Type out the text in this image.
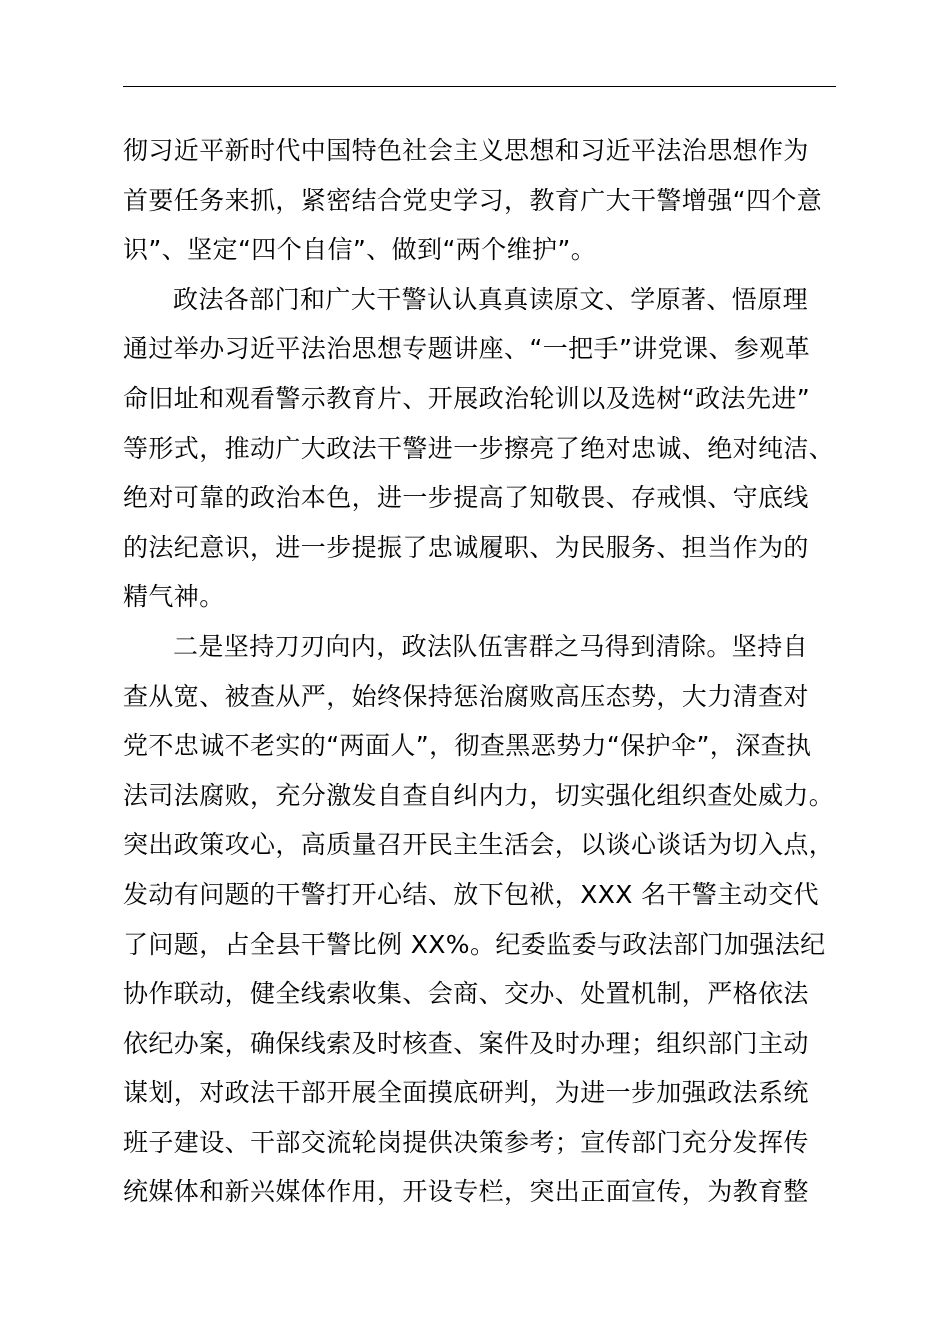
彻习近平新时代中国特色社会主义思想和习近平法治思想作为
首要任务来抓，紧密结合党史学习，教育广大干警增强“四个意
识”、坚定“四个自信”、做到“两个维护”。
政法各部门和广大干警认认真真读原文、学原著、悟原理
通过举办习近平法治思想专题讲座、“一把手”讲党课、参观革
命旧址和观看警示教育片、开展政治轮训以及选树“政法先进”
等形式，推动广大政法干警进一步擦亮了绝对忠诚、绝对纯洁、
绝对可靠的政治本色，进一步提高了知敬畏、存戒惧、守底线
的法纪意识，进一步提振了忠诚履职、为民服务、担当作为的
精气神。
二是坚持刀刃向内，政法队伍害群之马得到清除。坚持自
查从宽、被查从严，始终保持惩治腐败高压态势，大力清查对
党不忠诚不老实的“两面人”，彻查黑恶势力“保护伞”，深查执
法司法腐败，充分激发自查自纠内力，切实强化组织查处威力。
突出政策攻心，高质量召开民主生活会，以谈心谈话为切入点，
发动有问题的干警打开心结、放下包袱，XXX 名干警主动交代
了问题，占全县干警比例 XX%。纪委监委与政法部门加强法纪
协作联动，健全线索收集、会商、交办、处置机制，严格依法
依纪办案，确保线索及时核查、案件及时办理；组织部门主动
谋划，对政法干部开展全面摸底研判，为进一步加强政法系统
班子建设、干部交流轮岗提供决策参考；宣传部门充分发挥传
统媒体和新兴媒体作用，开设专栏，突出正面宣传，为教育整
